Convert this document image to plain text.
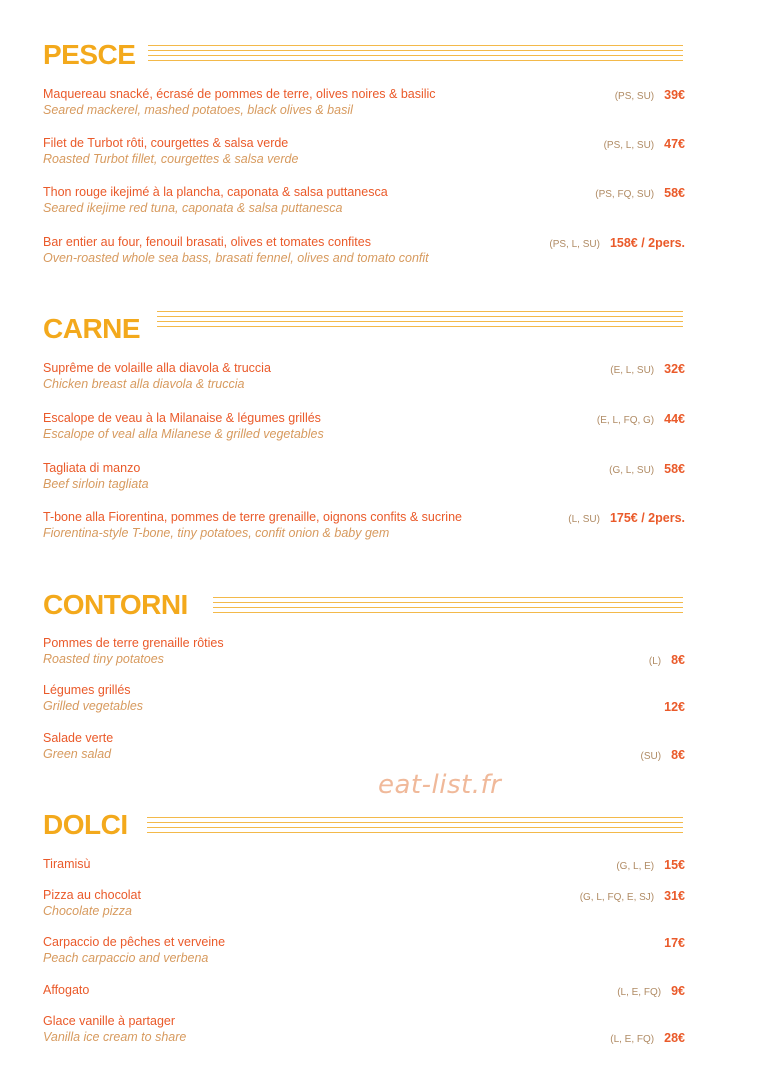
PESCE
Maquereau snacké, écrasé de pommes de terre, olives noires & basilic
Seared mackerel, mashed potatoes, black olives & basil
(PS, SU) 39€
Filet de Turbot rôti, courgettes & salsa verde
Roasted Turbot fillet, courgettes & salsa verde
(PS, L, SU) 47€
Thon rouge ikejimé à la plancha, caponata & salsa puttanesca
Seared ikejime red tuna, caponata & salsa puttanesca
(PS, FQ, SU) 58€
Bar entier au four, fenouil brasati, olives et tomates confites
Oven-roasted whole sea bass, brasati fennel, olives and tomato confit
(PS, L, SU) 158€ / 2pers.
CARNE
Suprême de volaille alla diavola & truccia
Chicken breast alla diavola & truccia
(E, L, SU) 32€
Escalope de veau à la Milanaise & légumes grillés
Escalope of veal alla Milanese & grilled vegetables
(E, L, FQ, G) 44€
Tagliata di manzo
Beef sirloin tagliata
(G, L, SU) 58€
T-bone alla Fiorentina, pommes de terre grenaille, oignons confits & sucrine
Fiorentina-style T-bone, tiny potatoes, confit onion & baby gem
(L, SU) 175€ / 2pers.
CONTORNI
Pommes de terre grenaille rôties
Roasted tiny potatoes	(L) 8€
Légumes grillés
Grilled vegetables	12€
Salade verte
Green salad	(SU) 8€
eat-list.fr
DOLCI
Tiramisù	(G, L, E) 15€
Pizza au chocolat
Chocolate pizza
(G, L, FQ, E, SJ) 31€
Carpaccio de pêches et verveine
Peach carpaccio and verbena
17€
Affogato	(L, E, FQ) 9€
Glace vanille à partager
Vanilla ice cream to share	(L, E, FQ) 28€
